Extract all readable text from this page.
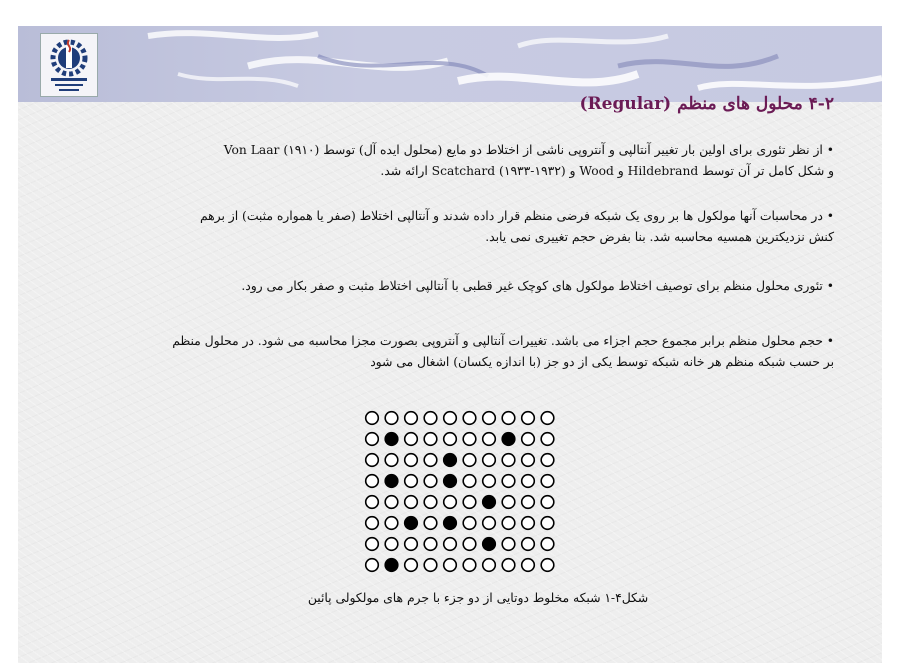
۴-۲ محلول های منظم (Regular)
• از نظر تئوری برای اولین بار تغییر آنتالپی و آنتروپی ناشی از اختلاط دو مایع (محلول ایده آل) توسط Von Laar (۱۹۱۰)
و شکل کامل تر آن توسط Hildebrand و Wood و Scatchard (۱۹۳۳-۱۹۳۲) ارائه شد.
• در محاسبات آنها مولکول ها بر روی یک شبکه فرضی منظم قرار داده شدند و آنتالپی اختلاط (صفر یا همواره مثبت) از برهم
کنش نزدیکترین همسیه محاسبه شد. بنا بفرض حجم تغییری نمی یابد.
• تئوری محلول منظم برای توصیف اختلاط مولکول های کوچک غیر قطبی با آنتالپی اختلاط مثبت و صفر بکار می رود.
• حجم محلول منظم برابر مجموع حجم اجزاء می باشد. تغییرات آنتالپی و آنتروپی بصورت مجزا محاسبه می شود. در محلول منظم
بر حسب شبکه منظم هر خانه شبکه توسط یکی از دو جز (با اندازه یکسان) اشغال می شود
شکل۴-۱ شبکه مخلوط دوتایی از دو جزء با جرم های مولکولی پائین
